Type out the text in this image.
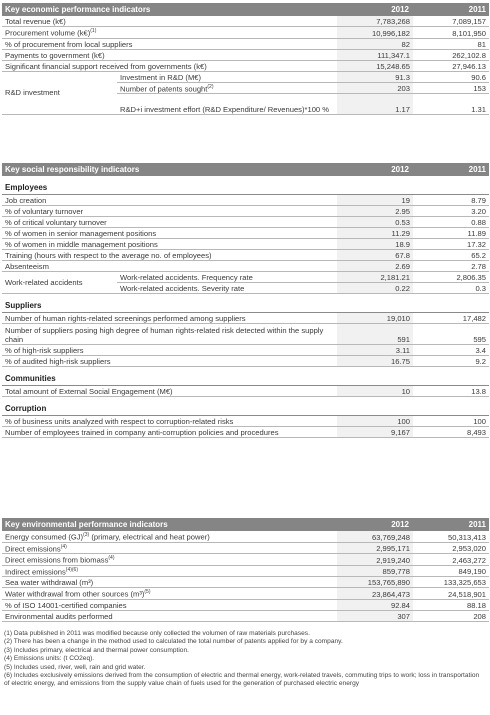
Key economic performance indicators	2012	2011
Total revenue (k€)		7,783,268	7,089,157
Procurement volume (k€)$^{(1)}$		10,996,182	8,101,950
% of procurement from local suppliers		82	81
Payments to government (k€)		111,347.1	262,102.8
Significant financial support received from governments (k€)		15,248.65	27,946.13
R&D investment	Investment in R&D (M€)	91.3	90.6
	Number of patents sought$^{(2)}$	203	153
	R&D+i investment effort (R&D Expenditure/ Revenues)*100 %	1.17	1.31
Key social responsibility indicators	2012	2011
Employees
Job creation		19	8.79
% of voluntary turnover		2.95	3.20
% of critical voluntary turnover		0.53	0.88
% of women in senior management positions		11.29	11.89
% of women in middle management positions		18.9	17.32
Training (hours with respect to the average no. of employees)		67.8	65.2
Absenteeism		2.69	2.78
Work-related accidents	Work-related accidents. Frequency rate	2,181.21	2,806.35
	Work-related accidents. Severity rate	0.22	0.3
Suppliers
Number of human rights-related screenings performed among suppliers	19,010	17,482
Number of suppliers posing high degree of human rights-related risk detected within the supply chain	591	595
% of high-risk suppliers	3.11	3.4
% of audited high-risk suppliers	16.75	9.2
Communities
Total amount of External Social Engagement (M€)	10	13.8
Corruption
% of business units analyzed with respect to corruption-related risks	100	100
Number of employees trained in company anti-corruption policies and procedures	9,167	8,493
Key environmental performance indicators	2012	2011
Energy consumed (GJ)$^{(3)}$ (primary, electrical and heat power)	63,769,248	50,313,413
Direct emissions$^{(4)}$	2,995,171	2,953,020
Direct emissions from biomass$^{(4)}$	2,919,240	2,463,272
Indirect emissions$^{(4)(6)}$	859,778	849,190
Sea water withdrawal (m³)	153,765,890	133,325,653
Water withdrawal from other sources $(m^3)^{(5)}$	23,864,473	24,518,901
% of ISO 14001-certified companies	92.84	88.18
Environmental audits performed	307	208
(1) Data published in 2011 was modified because only collected the volumen of raw materials purchases.
(2) There has been a change in the method used to calculated the total number of patents applied for by a company.
(3) Includes primary, electrical and thermal power consumption.
(4) Emissions units: (t CO2eq).
(5) Includes used, river, well, rain and grid water.
(6) Includes exclusively emissions derived from the consumption of electric and thermal energy, work-related travels, commuting trips to work; loss in transportation of electric energy, and emissions from the supply value chain of fuels used for the generation of purchased electric energy
